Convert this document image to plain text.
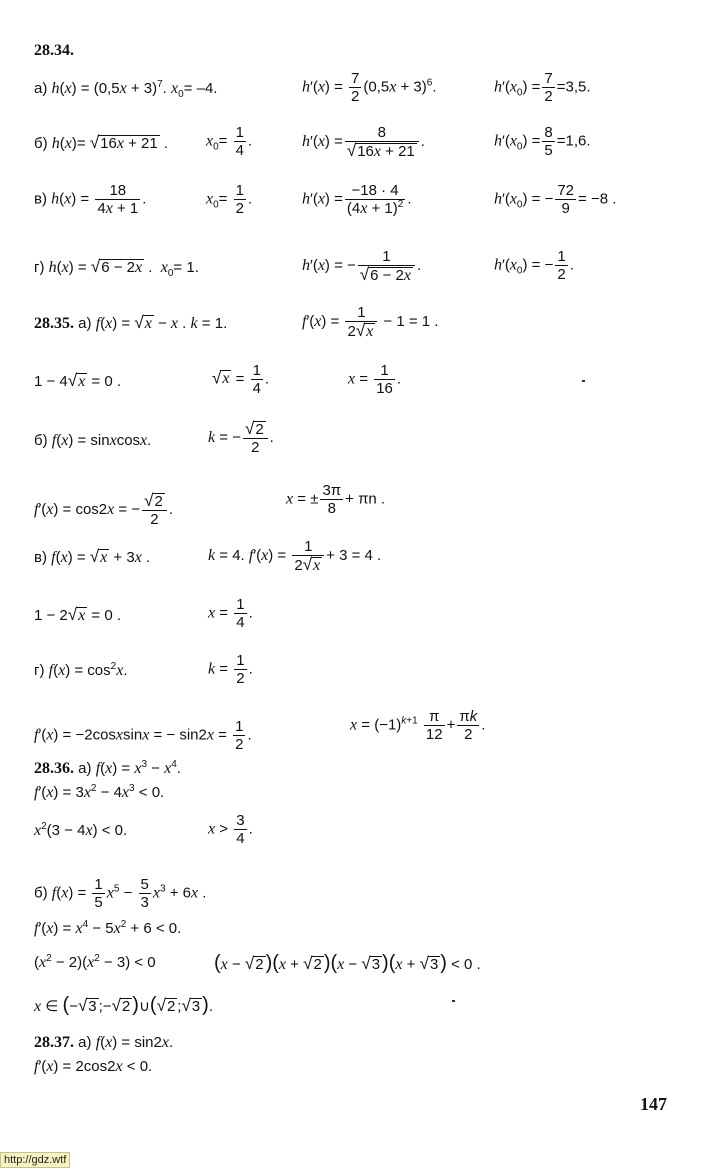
28.34.
а) $h(x) = (0,5x + 3)^7$. $x_0= -4$.	$h'(x) = \frac{7}{2} (0,5x + 3)^6$.	$h'(x_0) = \frac{7}{2} =3,5$.
б) h(x)= √16x + 21 . $x_0= \frac{1}{4}$ .	$h'(x) = \frac{8}{√16x + 21}$ .	$h'(x_0) = \frac{8}{5} =1,6$.
в) $h(x) = \frac{18}{4x + 1}$ .	$x_0= \frac{1}{2}$ .	$h'(x) = \frac{-18 \cdot 4}{(4x + 1)^2}$ .	$h'(x_0)$ = − $\frac{72}{9} = -8$ .
г) h(x) = √6 − 2x .  $x_0= 1$.	h′(x) = − $\frac{1}{√6 - 2x}$ .	$h'(x_0)$ = − $\frac{1}{2}$ .
28.35. а) f(x) = √x − x . k = 1.	$f'(x) = \frac{1}{2√x} - 1 = 1$ .
1 − 4√x = 0 .	$√x = \frac{1}{4}$ .	$x = \frac{1}{16}$ .
б) f(x) = sinxcosx.	k = − $\frac{√2}{2}$ .
f′(x) = cos2x = − $\frac{√2}{2}$ .
x = ± $\frac{3\pi}{8} + \pi n$ .
в) f(x) = √x + 3x .	k = 4. $f'(x) = \frac{1}{2√x} + 3 = 4$ .
1 − 2√x = 0 .	$x = \frac{1}{4}$ .
г) $f(x) = \cos^2x$.	$k = \frac{1}{2}$ .
f′(x) = −2cosxsinx = − $\sin 2x = \frac{1}{2}$ .
$x = (-1)^{k+1} \frac{\pi}{12} + \frac{\pi k}{2}$ .
28.36. а) $f(x) = x^3 - x^4$.
$f'(x) = 3x^2 - 4x^3 < 0$.
$x^2(3 - 4x) < 0$.	$x > \frac{3}{4}$ .
б) $f(x) = \frac{1}{5} x^5 - \frac{5}{3} x^3 + 6x$ .
$f'(x) = x^4 - 5x^2 + 6 < 0$.
$(x^2 - 2)(x^2 - 3) < 0$	(x − √2 )(x + √2 )(x − √3 )(x + √3 ) < 0 .
x ∈ (−√3 ;−√2 )∪(√2 ;√3 ).
28.37. а) f(x) = sin2x.
f′(x) = 2cos2x < 0.
147
http://gdz.wtf
